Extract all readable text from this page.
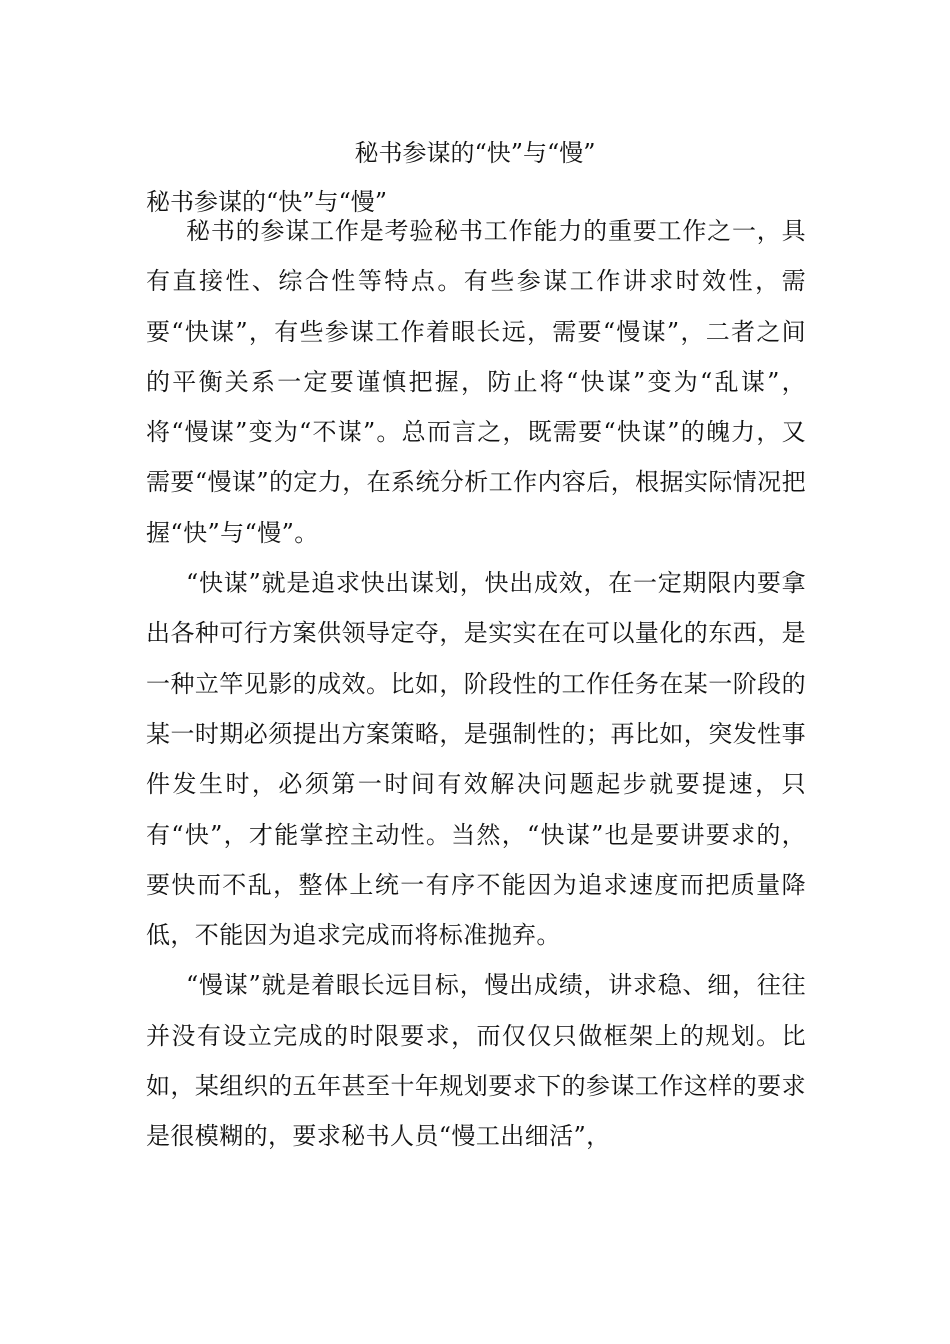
秘书参谋的“快”与“慢”

秘书参谋的“快”与“慢”

秘书的参谋工作是考验秘书工作能力的重要工作之一，具有直接性、综合性等特点。有些参谋工作讲求时效性，需要“快谋”，有些参谋工作着眼长远，需要“慢谋”，二者之间的平衡关系一定要谨慎把握，防止将“快谋”变为“乱谋”，将“慢谋”变为“不谋”。总而言之，既需要“快谋”的魄力，又需要“慢谋”的定力，在系统分析工作内容后，根据实际情况把握“快”与“慢”。

“快谋”就是追求快出谋划，快出成效，在一定期限内要拿出各种可行方案供领导定夺，是实实在在可以量化的东西，是一种立竿见影的成效。比如，阶段性的工作任务在某一阶段的某一时期必须提出方案策略，是强制性的；再比如，突发性事件发生时，必须第一时间有效解决问题起步就要提速，只有“快”，才能掌控主动性。当然，“快谋”也是要讲要求的，要快而不乱，整体上统一有序不能因为追求速度而把质量降低，不能因为追求完成而将标准抛弃。

“慢谋”就是着眼长远目标，慢出成绩，讲求稳、细，往往并没有设立完成的时限要求，而仅仅只做框架上的规划。比如，某组织的五年甚至十年规划要求下的参谋工作这样的要求是很模糊的，要求秘书人员“慢工出细活”，
